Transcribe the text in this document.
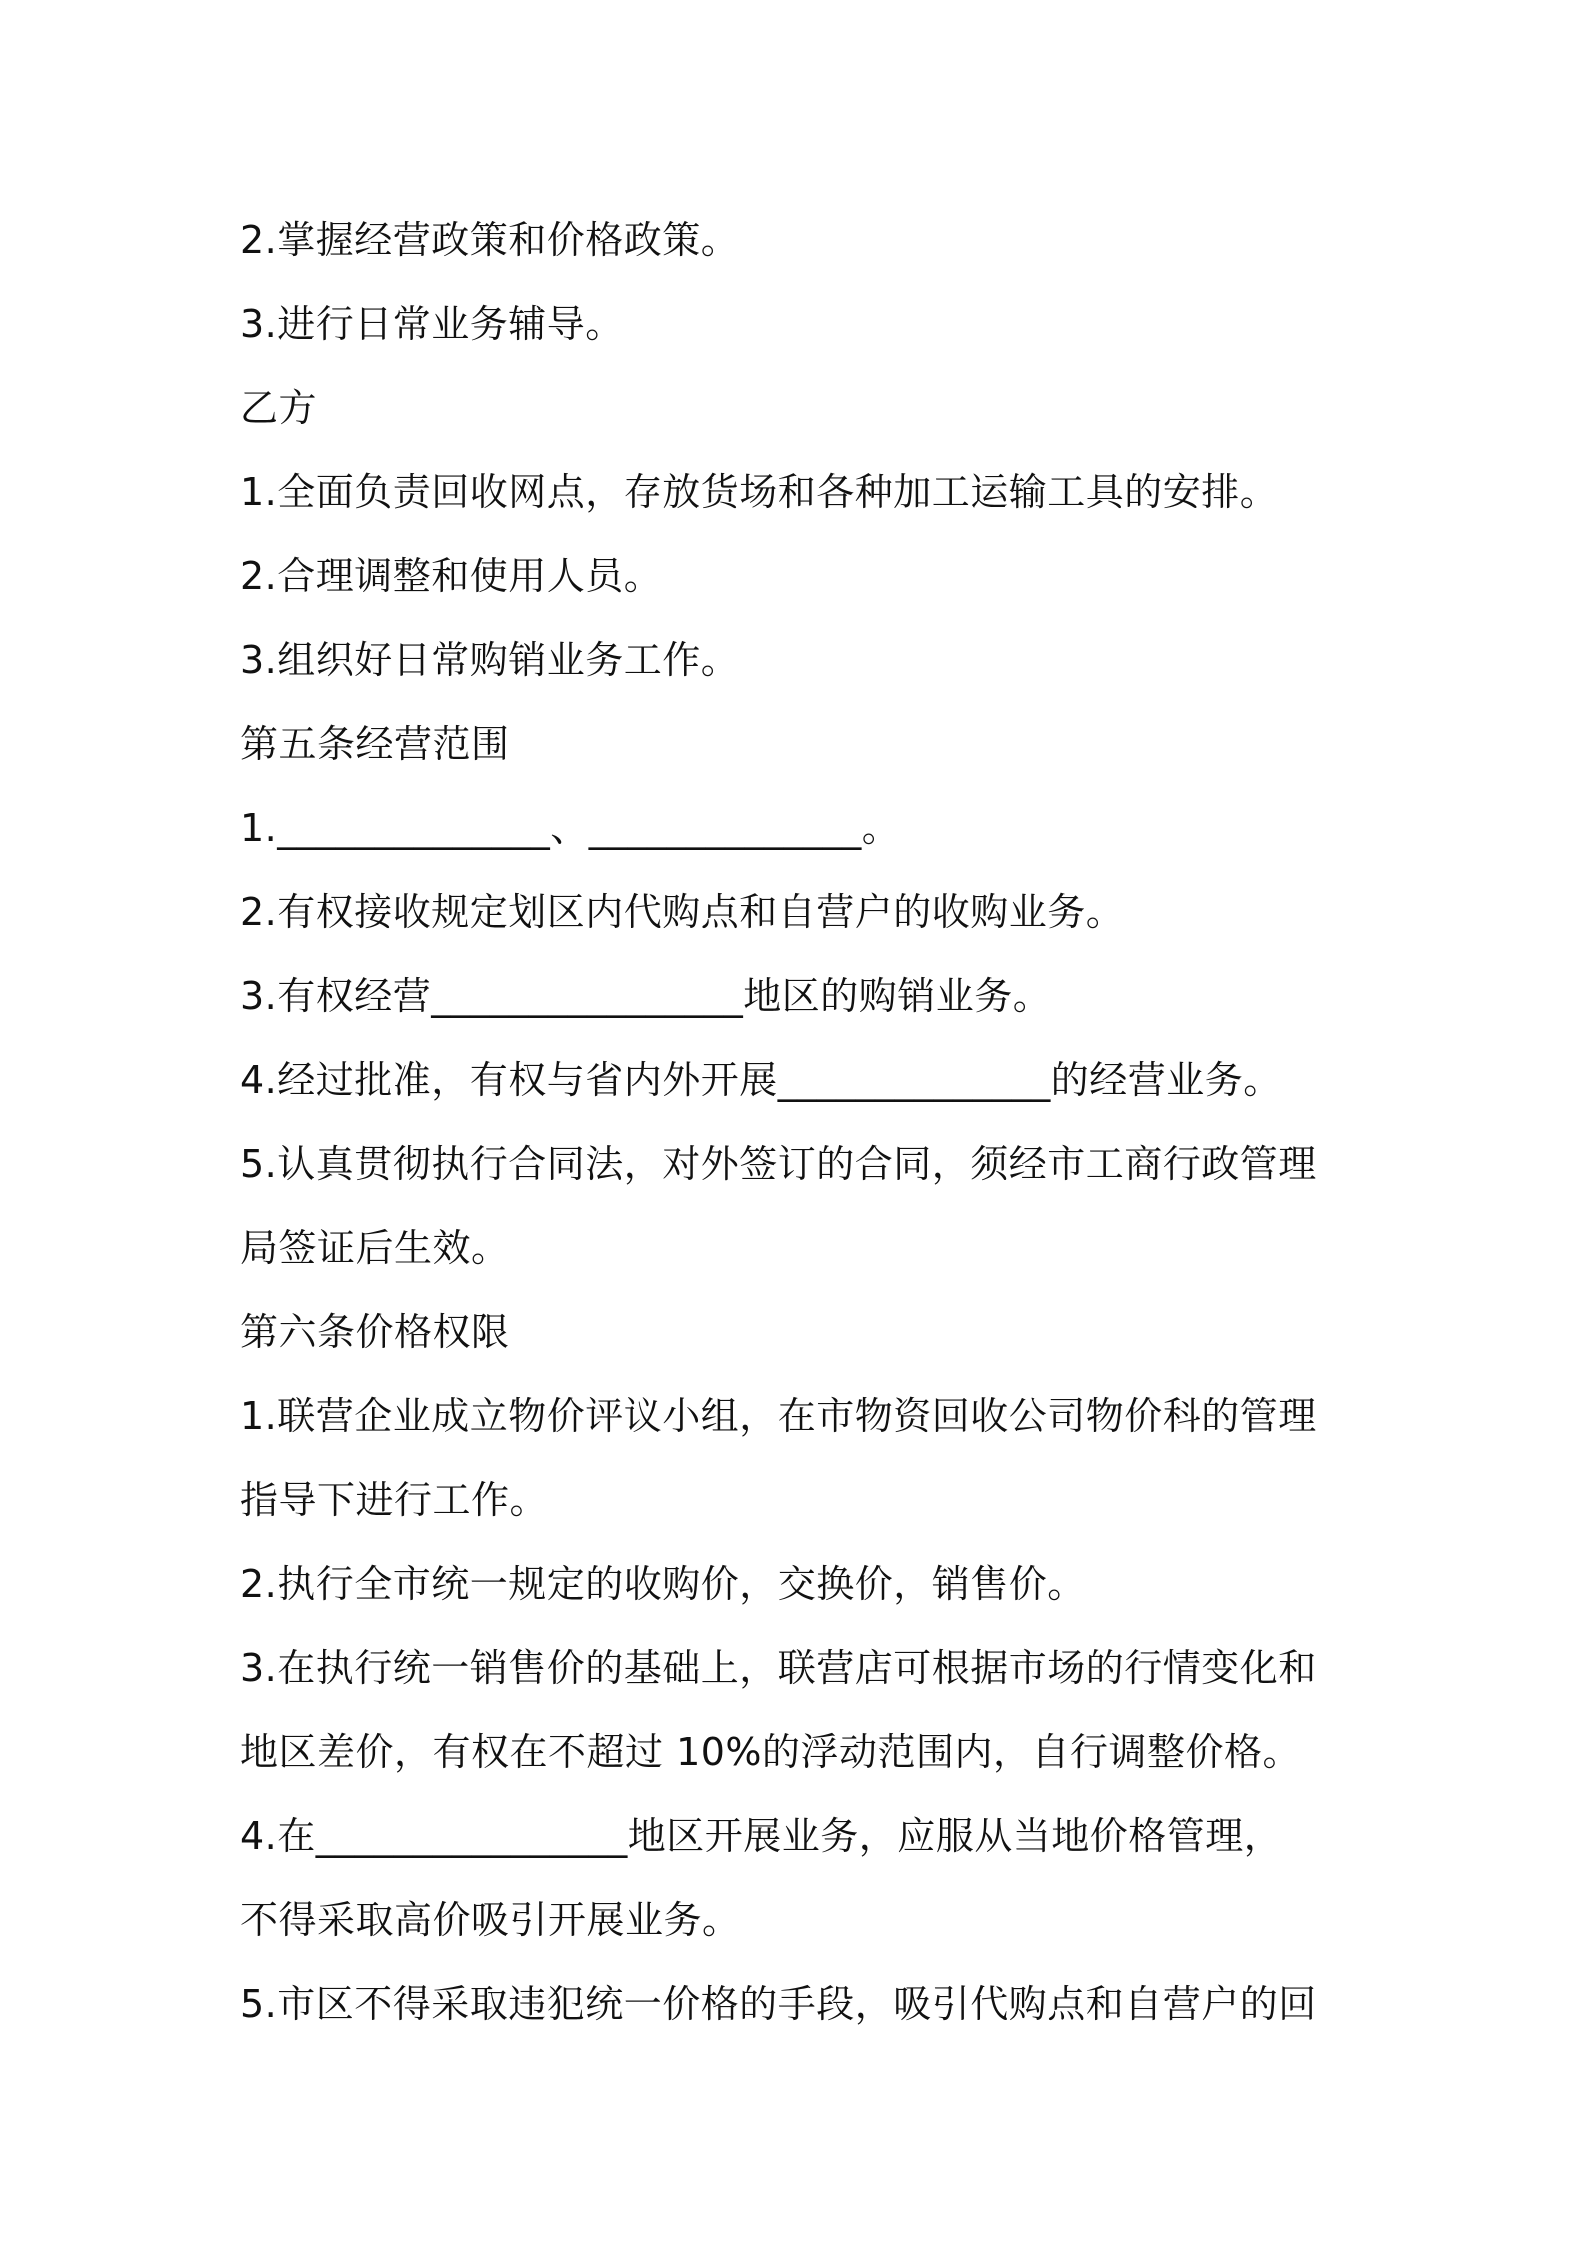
2.掌握经营政策和价格政策。
3.进行日常业务辅导。
乙方
1.全面负责回收网点，存放货场和各种加工运输工具的安排。
2.合理调整和使用人员。
3.组织好日常购销业务工作。
第五条经营范围
1.______________、______________。
2.有权接收规定划区内代购点和自营户的收购业务。
3.有权经营________________地区的购销业务。
4.经过批准，有权与省内外开展______________的经营业务。
5.认真贯彻执行合同法，对外签订的合同，须经市工商行政管理
局签证后生效。
第六条价格权限
1.联营企业成立物价评议小组，在市物资回收公司物价科的管理
指导下进行工作。
2.执行全市统一规定的收购价，交换价，销售价。
3.在执行统一销售价的基础上，联营店可根据市场的行情变化和
地区差价，有权在不超过 10%的浮动范围内，自行调整价格。
4.在________________地区开展业务，应服从当地价格管理，
不得采取高价吸引开展业务。
5.市区不得采取违犯统一价格的手段，吸引代购点和自营户的回
